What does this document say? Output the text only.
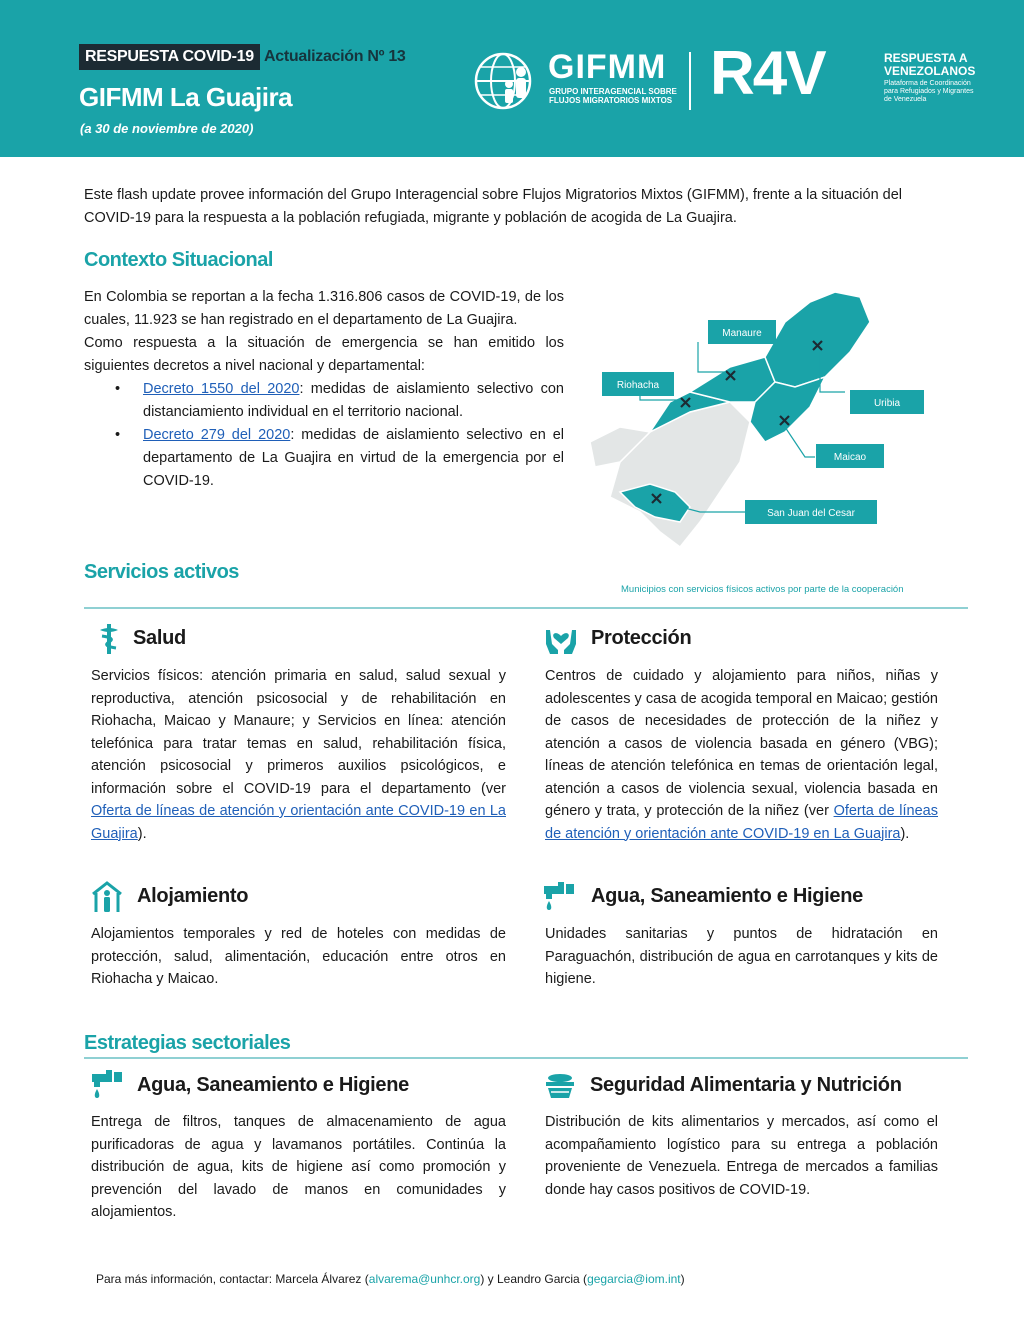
RESPUESTA COVID-19 Actualización Nº 13
GIFMM La Guajira
(a 30 de noviembre de 2020)
GIFMM
GRUPO INTERAGENCIAL SOBRE FLUJOS MIGRATORIOS MIXTOS R4V	RESPUESTA A VENEZOLANOS
Plataforma de Coordinación para Refugiados y Migrantes de Venezuela
Este flash update provee información del Grupo Interagencial sobre Flujos Migratorios Mixtos (GIFMM), frente a la situación del COVID-19 para la respuesta a la población refugiada, migrante y población de acogida de La Guajira.
Contexto Situacional

En Colombia se reportan a la fecha 1.316.806 casos de COVID-19, de los cuales, 11.923 se han registrado en el departamento de La Guajira.

Como respuesta a la situación de emergencia se han emitido los siguientes decretos a nivel nacional y departamental:

• Decreto 1550 del 2020: medidas de aislamiento selectivo con distanciamiento individual en el territorio nacional.
• Decreto 279 del 2020: medidas de aislamiento selectivo en el departamento de La Guajira en virtud de la emergencia por el COVID-19.
Manaure
Riohacha
Uribia
Maicao
San Juan del Cesar
Municipios con servicios físicos activos por parte de la cooperación
Servicios activos
Salud
Servicios físicos: atención primaria en salud, salud sexual y reproductiva, atención psicosocial y de rehabilitación en Riohacha, Maicao y Manaure; y Servicios en línea: atención telefónica para tratar temas en salud, rehabilitación física, atención psicosocial y primeros auxilios psicológicos, e información sobre el COVID-19 para el departamento (ver Oferta de líneas de atención y orientación ante COVID-19 en La Guajira).
Protección
Centros de cuidado y alojamiento para niños, niñas y adolescentes y casa de acogida temporal en Maicao; gestión de casos de necesidades de protección de la niñez y atención a casos de violencia basada en género (VBG); líneas de atención telefónica en temas de orientación legal, atención a casos de violencia sexual, violencia basada en género y trata, y protección de la niñez (ver Oferta de líneas de atención y orientación ante COVID-19 en La Guajira).
Alojamiento
Alojamientos temporales y red de hoteles con medidas de protección, salud, alimentación, educación entre otros en Riohacha y Maicao.
Agua, Saneamiento e Higiene
Unidades sanitarias y puntos de hidratación en Paraguachón, distribución de agua en carrotanques y kits de higiene.
Estrategias sectoriales
Agua, Saneamiento e Higiene
Entrega de filtros, tanques de almacenamiento de agua purificadoras de agua y lavamanos portátiles. Continúa la distribución de agua, kits de higiene así como promoción y prevención del lavado de manos en comunidades y alojamientos.
Seguridad Alimentaria y Nutrición
Distribución de kits alimentarios y mercados, así como el acompañamiento logístico para su entrega a población proveniente de Venezuela. Entrega de mercados a familias donde hay casos positivos de COVID-19.
Para más información, contactar: Marcela Álvarez (alvarema@unhcr.org) y Leandro Garcia (gegarcia@iom.int)
